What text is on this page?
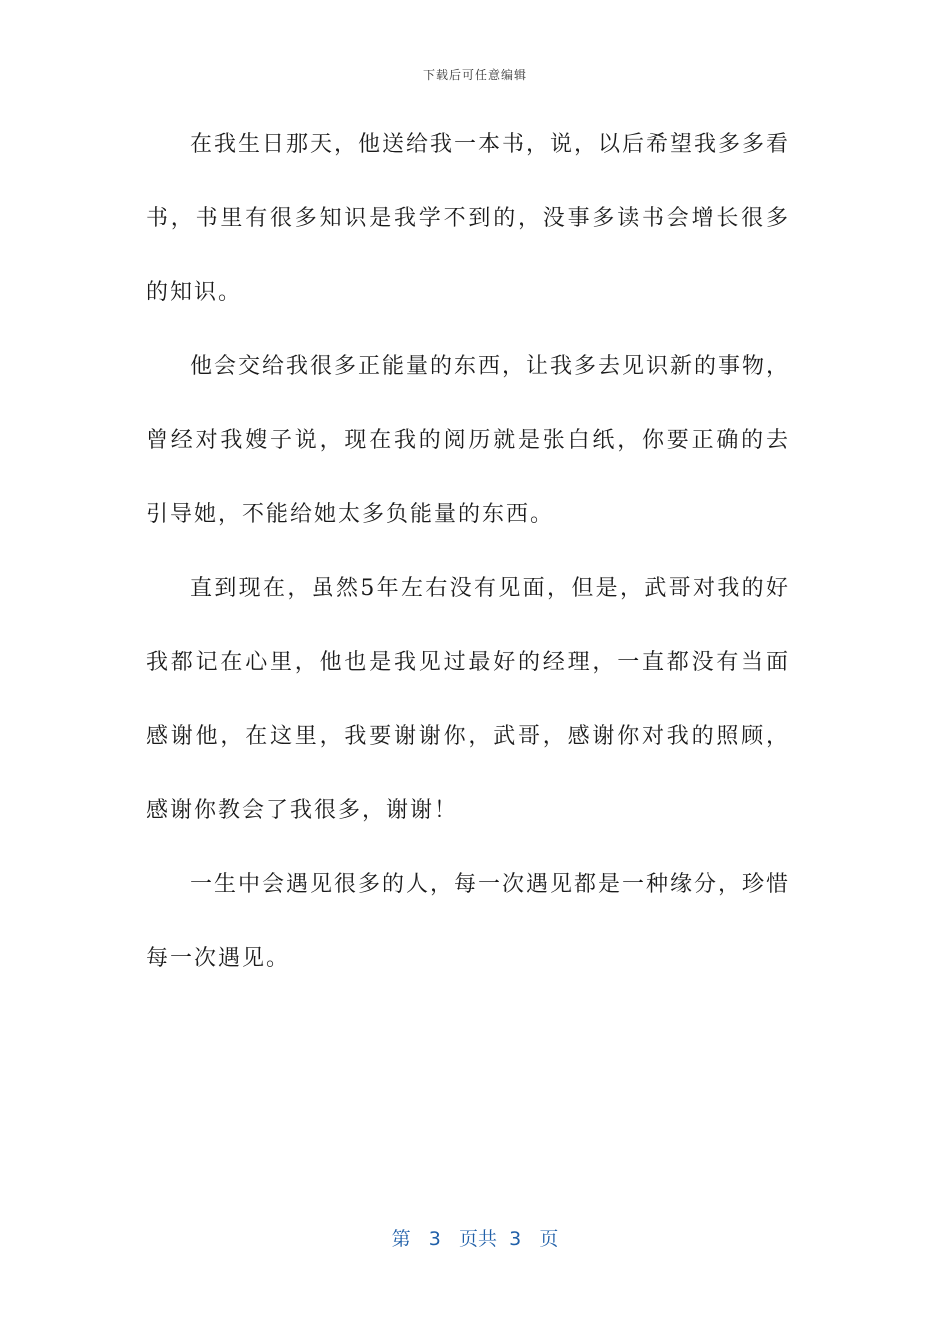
下载后可任意编辑

在我生日那天，他送给我一本书，说，以后希望我多多看书，书里有很多知识是我学不到的，没事多读书会增长很多的知识。

他会交给我很多正能量的东西，让我多去见识新的事物，曾经对我嫂子说，现在我的阅历就是张白纸，你要正确的去引导她，不能给她太多负能量的东西。

直到现在，虽然5年左右没有见面，但是，武哥对我的好我都记在心里，他也是我见过最好的经理，一直都没有当面感谢他，在这里，我要谢谢你，武哥，感谢你对我的照顾，感谢你教会了我很多，谢谢！

一生中会遇见很多的人，每一次遇见都是一种缘分，珍惜每一次遇见。

第 3 页共 3 页
